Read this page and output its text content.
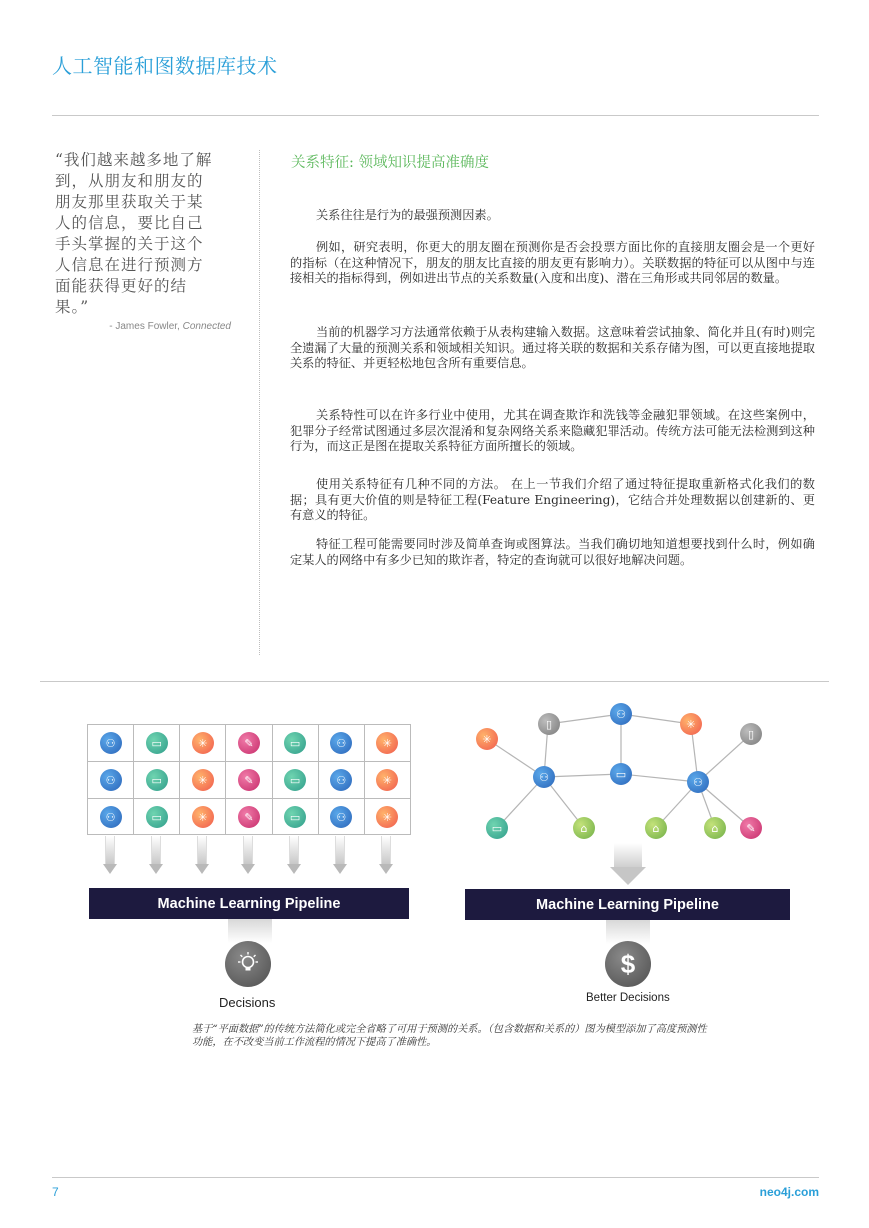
人工智能和图数据库技术
“我们越来越多地了解到，从朋友和朋友的朋友那里获取关于某人的信息，要比自己手头掌握的关于这个人信息在进行预测方面能获得更好的结果。”
- James Fowler, Connected
关系特征: 领域知识提高准确度

关系往往是行为的最强预测因素。

例如，研究表明，你更大的朋友圈在预测你是否会投票方面比你的直接朋友圈会是一个更好的指标（在这种情况下，朋友的朋友比直接的朋友更有影响力）。关联数据的特征可以从图中与连接相关的指标得到，例如进出节点的关系数量(入度和出度)、潜在三角形或共同邻居的数量。

当前的机器学习方法通常依赖于从表构建输入数据。这意味着尝试抽象、简化并且(有时)则完全遗漏了大量的预测关系和领域相关知识。通过将关联的数据和关系存储为图，可以更直接地提取关系的特征、并更轻松地包含所有重要信息。

关系特性可以在许多行业中使用，尤其在调查欺诈和洗钱等金融犯罪领域。在这些案例中，犯罪分子经常试图通过多层次混淆和复杂网络关系来隐藏犯罪活动。传统方法可能无法检测到这种行为，而这正是图在提取关系特征方面所擅长的领域。

使用关系特征有几种不同的方法。 在上一节我们介绍了通过特征提取重新格式化我们的数据；具有更大价值的则是特征工程(Feature Engineering)，它结合并处理数据以创建新的、更有意义的特征。

特征工程可能需要同时涉及简单查询或图算法。当我们确切地知道想要找到什么时，例如确定某人的网络中有多少已知的欺诈者，特定的查询就可以很好地解决问题。

⚇	▭	✳	✎	▭	⚇	✳
⚇	▭	✳	✎	▭	⚇	✳
⚇	▭	✳	✎	▭	⚇	✳
Machine Learning Pipeline
Decisions
⚇
▯	✳
▯
✳
⚇	▭
⚇
▭	⌂	⌂	⌂	✎
Machine Learning Pipeline
$
Better Decisions
基于“平面数据”的传统方法简化或完全省略了可用于预测的关系。（包含数据和关系的）图为模型添加了高度预测性功能，在不改变当前工作流程的情况下提高了准确性。
7	neo4j.com
